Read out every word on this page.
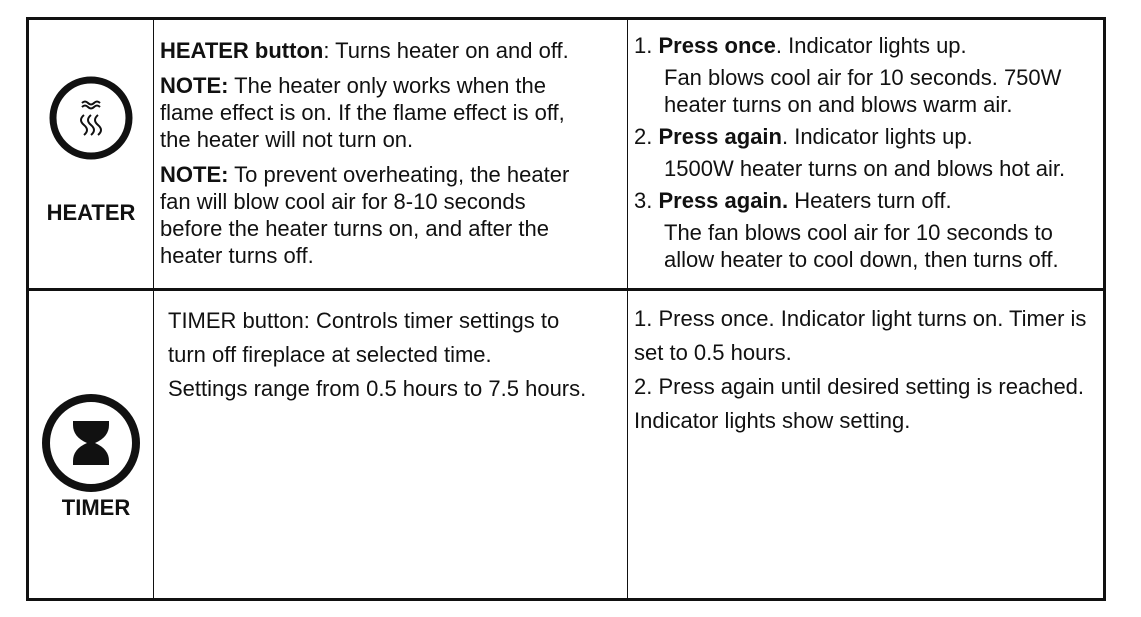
HEATER
HEATER button: Turns heater on and off.
NOTE: The heater only works when the
flame effect is on. If the flame effect is off,
the heater will not turn on.
NOTE: To prevent overheating, the heater
fan will blow cool air for 8-10 seconds
before the heater turns on, and after the
heater turns off.
1. Press once. Indicator lights up.
Fan blows cool air for 10 seconds. 750W
heater turns on and blows warm air.
2. Press again. Indicator lights up.
1500W heater turns on and blows hot air.
3. Press again. Heaters turn off.
The fan blows cool air for 10 seconds to
allow heater to cool down, then turns off.
TIMER
TIMER button: Controls timer settings to
turn off fireplace at selected time.
Settings range from 0.5 hours to 7.5 hours.
1. Press once. Indicator light turns on. Timer is
set to 0.5 hours.
2. Press again until desired setting is reached.
Indicator lights show setting.
